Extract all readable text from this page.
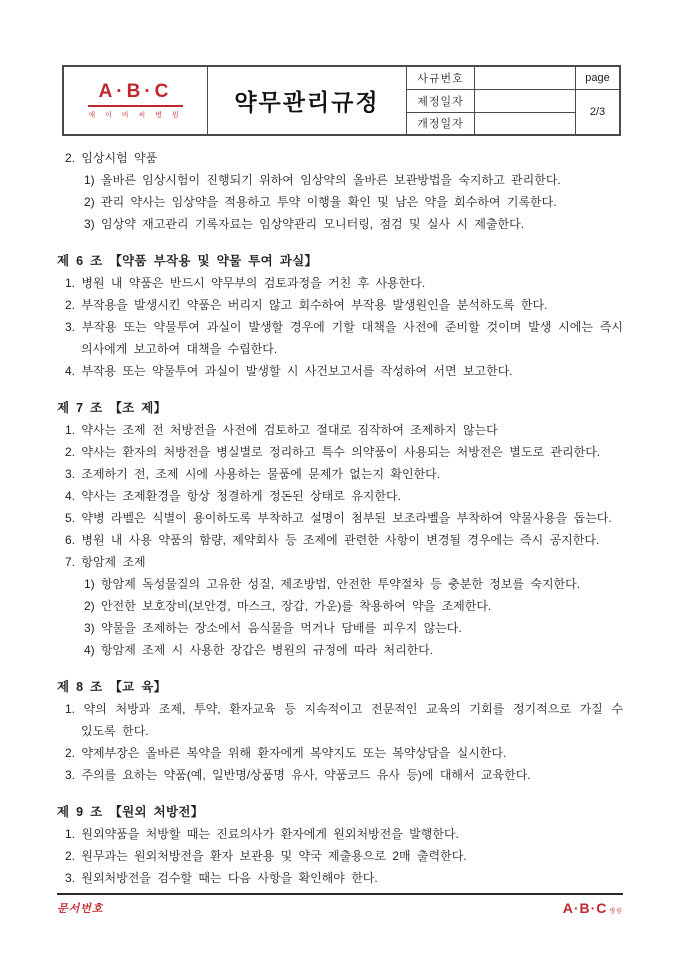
A·B·C
에 이 비 씨 병 원	약무관리규정	사규번호		page
		제정일자		2/3
		개정일자		

2. 임상시험 약품

1) 올바른 임상시험이 진행되기 위하여 임상약의 올바른 보관방법을 숙지하고 관리한다.

2) 관리 약사는 임상약을 적용하고 투약 이행율 확인 및 남은 약을 회수하여 기록한다.

3) 임상약 재고관리 기록자료는 임상약관리 모니터링, 점검 및 실사 시 제출한다.

제 6 조 【약품 부작용 및 약물 투여 과실】

1. 병원 내 약품은 반드시 약무부의 검토과정을 거친 후 사용한다.

2. 부작용을 발생시킨 약품은 버리지 않고 회수하여 부작용 발생원인을 분석하도록 한다.

3. 부작용 또는 약물투여 과실이 발생할 경우에 기할 대책을 사전에 준비할 것이며 발생 시에는 즉시 의사에게 보고하여 대책을 수립한다.

4. 부작용 또는 약물투여 과실이 발생할 시 사건보고서를 작성하여 서면 보고한다.

제 7 조 【조 제】

1. 약사는 조제 전 처방전을 사전에 검토하고 절대로 짐작하여 조제하지 않는다

2. 약사는 환자의 처방전을 병실별로 정리하고 특수 의약품이 사용되는 처방전은 별도로 관리한다.

3. 조제하기 전, 조제 시에 사용하는 물품에 문제가 없는지 확인한다.

4. 약사는 조제환경을 항상 청결하게 정돈된 상태로 유지한다.

5. 약병 라벨은 식별이 용이하도록 부착하고 설명이 첨부된 보조라벨을 부착하여 약물사용을 돕는다.

6. 병원 내 사용 약품의 함량, 제약회사 등 조제에 관련한 사항이 변경될 경우에는 즉시 공지한다.

7. 항암제 조제

1) 항암제 독성물질의 고유한 성질, 제조방법, 안전한 투약절차 등 충분한 정보를 숙지한다.

2) 안전한 보호장비(보안경, 마스크, 장갑, 가운)를 착용하여 약을 조제한다.

3) 약물을 조제하는 장소에서 음식물을 먹거나 담배를 피우지 않는다.

4) 항암제 조제 시 사용한 장갑은 병원의 규정에 따라 처리한다.

제 8 조 【교 육】

1. 약의 처방과 조제, 투약, 환자교육 등 지속적이고 전문적인 교육의 기회를 정기적으로 가질 수 있도록 한다.

2. 약제부장은 올바른 복약을 위해 환자에게 복약지도 또는 복약상담을 실시한다.

3. 주의를 요하는 약품(예, 일반명/상품명 유사, 약품코드 유사 등)에 대해서 교육한다.

제 9 조 【원외 처방전】

1. 원외약품을 처방할 때는 진료의사가 환자에게 원외처방전을 발행한다.

2. 원무과는 원외처방전을 환자 보관용 및 약국 제출용으로 2매 출력한다.

3. 원외처방전을 검수할 때는 다음 사항을 확인해야 한다.

문서번호	A·B·C 병원
